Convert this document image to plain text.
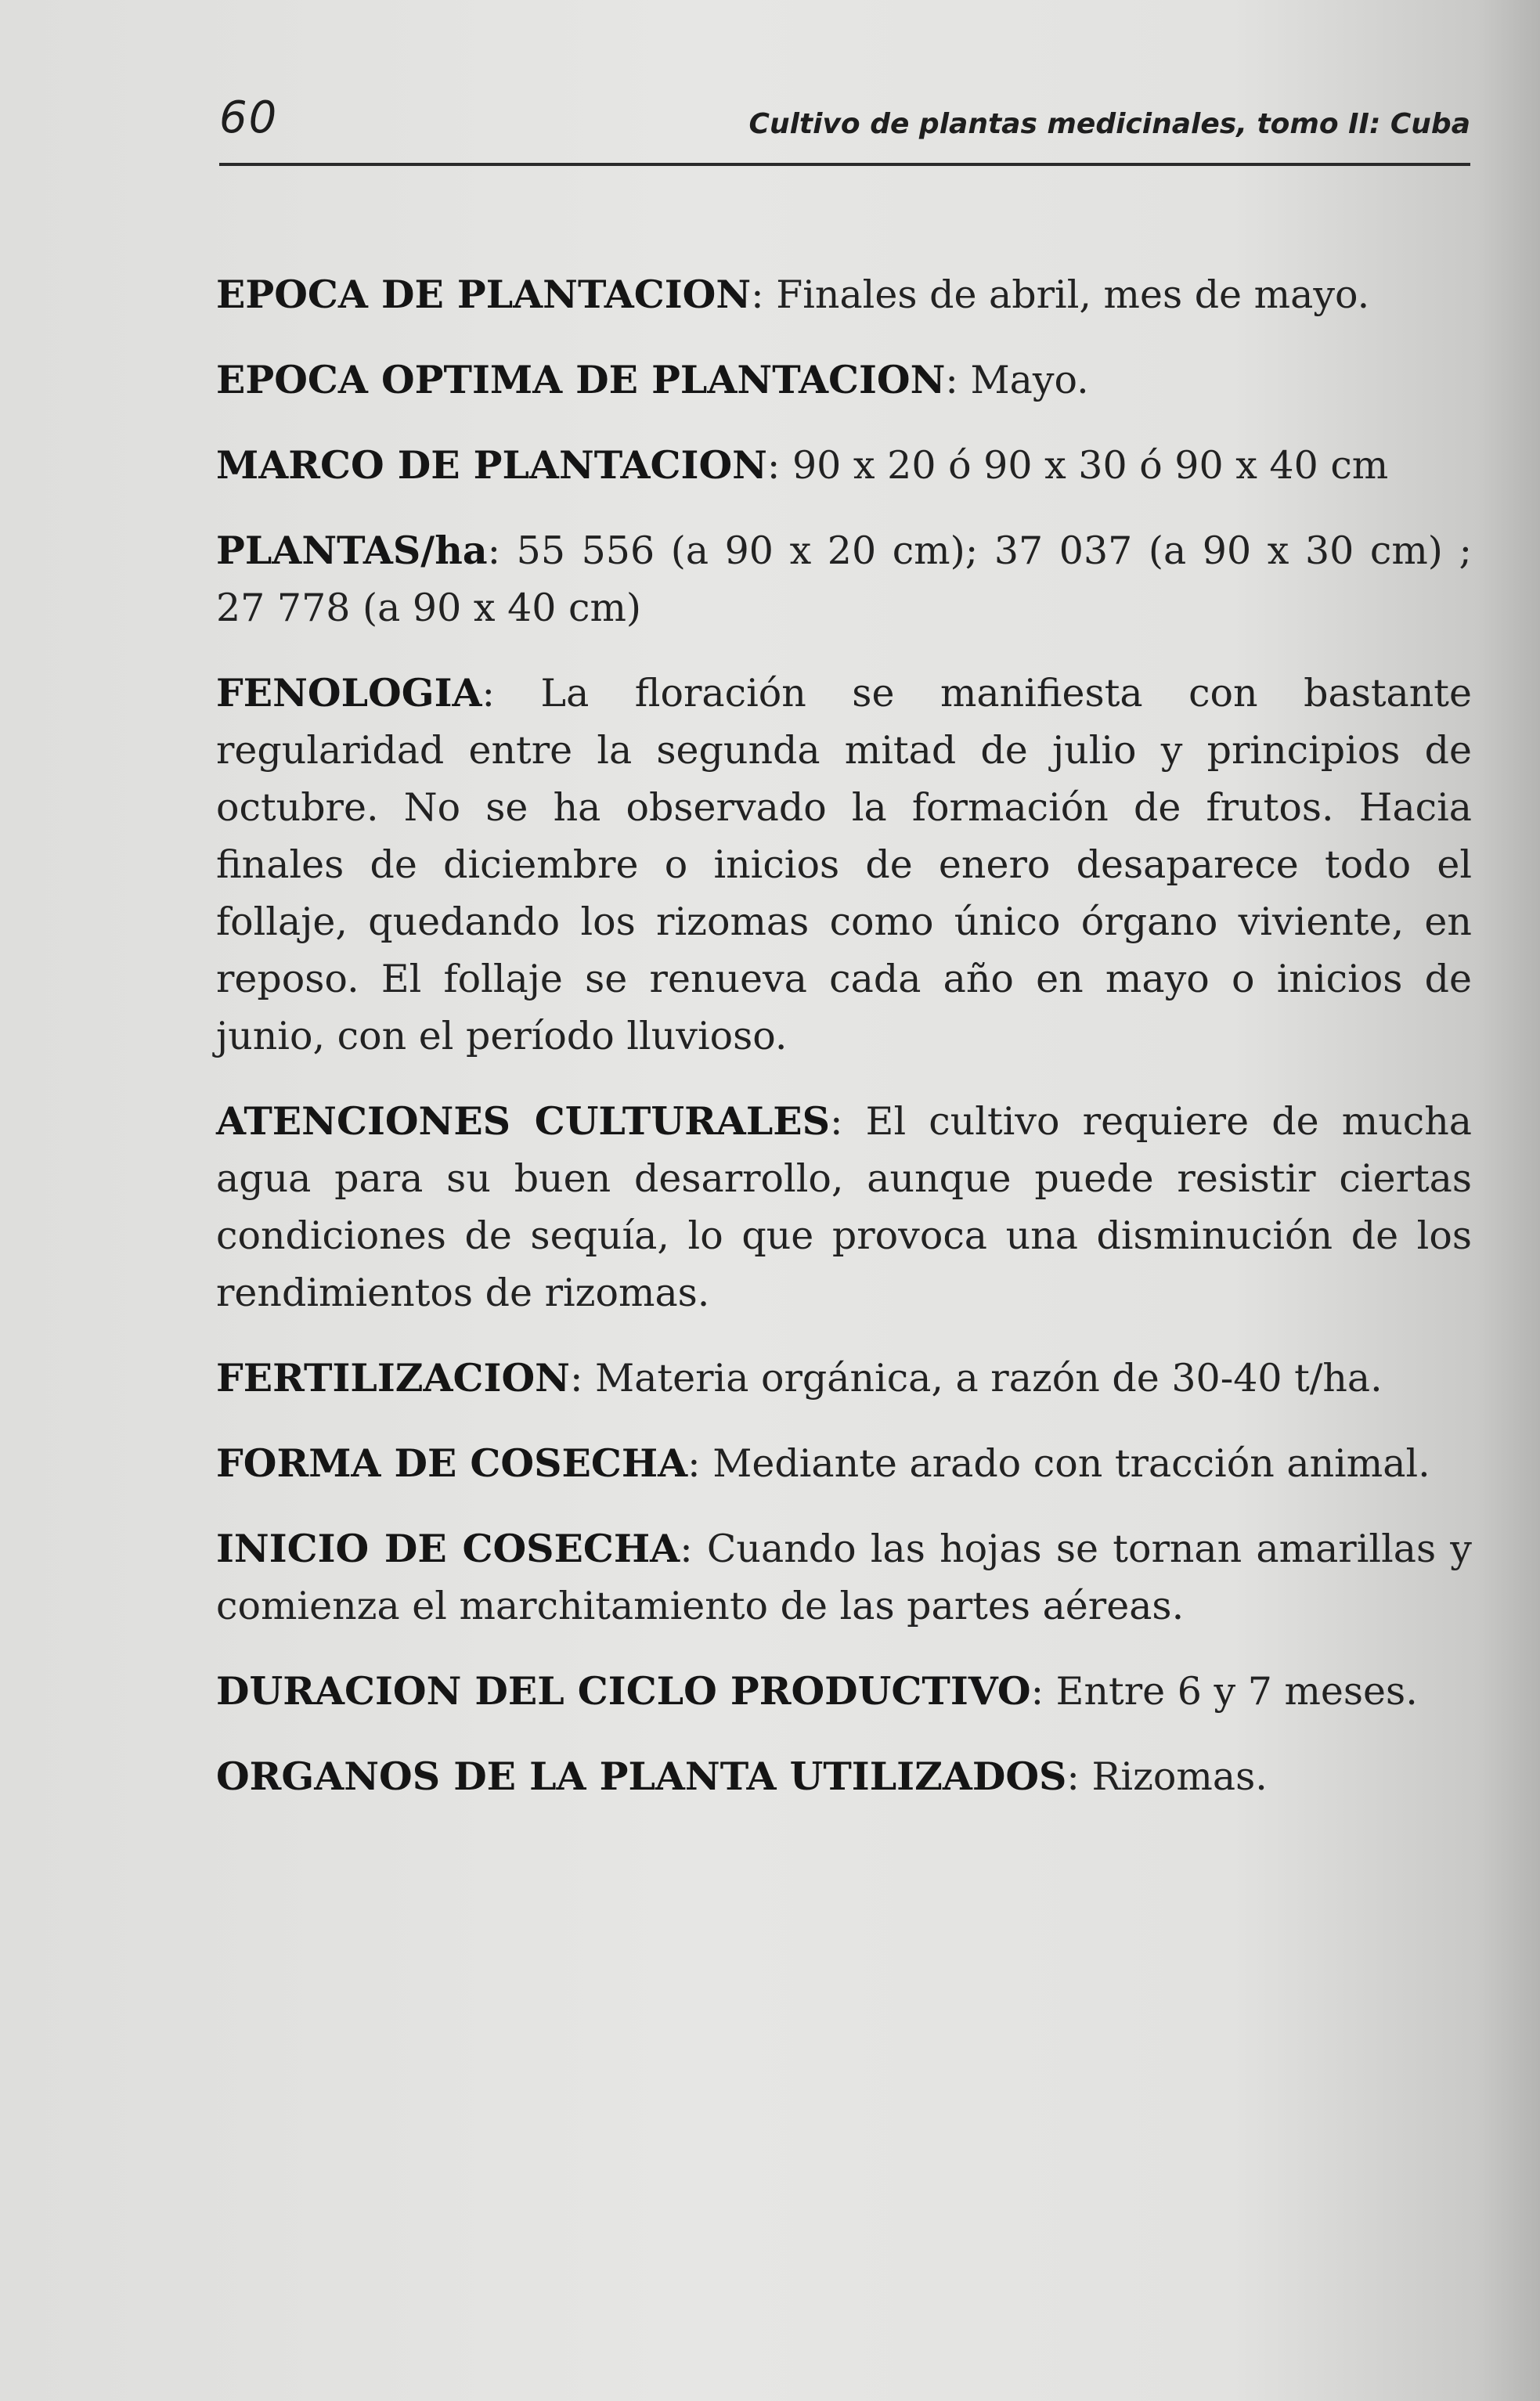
60	Cultivo de plantas medicinales, tomo II: Cuba

EPOCA DE PLANTACION: Finales de abril, mes de mayo.

EPOCA OPTIMA DE PLANTACION: Mayo.

MARCO DE PLANTACION: 90 x 20 ó 90 x 30 ó 90 x 40 cm

PLANTAS/ha: 55 556 (a 90 x 20 cm); 37 037 (a 90 x 30 cm) ; 27 778 (a 90 x 40 cm)

FENOLOGIA: La floración se manifiesta con bastante regularidad entre la segunda mitad de julio y principios de octubre. No se ha observado la formación de frutos. Hacia finales de diciembre o inicios de enero desaparece todo el follaje, quedando los rizomas como único órgano viviente, en reposo. El follaje se renueva cada año en mayo o inicios de junio, con el período lluvioso.

ATENCIONES CULTURALES: El cultivo requiere de mucha agua para su buen desarrollo, aunque puede resistir ciertas condiciones de sequía, lo que provoca una disminución de los rendimientos de rizomas.

FERTILIZACION: Materia orgánica, a razón de 30-40 t/ha.

FORMA DE COSECHA: Mediante arado con tracción animal.

INICIO DE COSECHA: Cuando las hojas se tornan amarillas y comienza el marchitamiento de las partes aéreas.

DURACION DEL CICLO PRODUCTIVO: Entre 6 y 7 meses.

ORGANOS DE LA PLANTA UTILIZADOS: Rizomas.
